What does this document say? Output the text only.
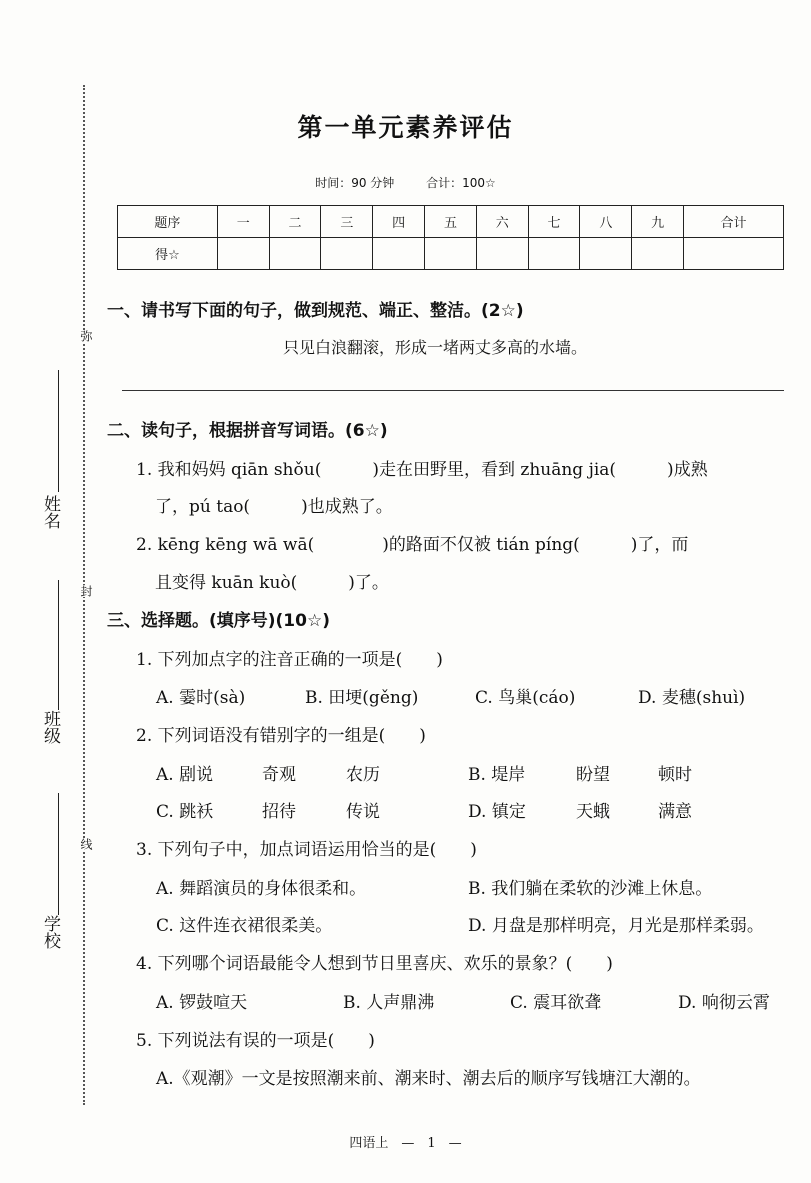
弥
封
线
姓名
班级
学校
第一单元素养评估
时间：90 分钟	合计：100☆
题序	一	二	三	四	五	六	七	八	九	合计
得☆										
一、请书写下面的句子，做到规范、端正、整洁。(2☆)
只见白浪翻滚，形成一堵两丈多高的水墙。
二、读句子，根据拼音写词语。(6☆)
1. 我和妈妈 qiān shǒu(　　　)走在田野里，看到 zhuāng jia(　　　)成熟
了，pú tao(　　　)也成熟了。
2. kēng kēng wā wā(　　　　)的路面不仅被 tián píng(　　　)了，而
且变得 kuān kuò(　　　)了。
三、选择题。(填序号)(10☆)
1. 下列加点字的注音正确的一项是(　　)
A. 霎时(sà)	B. 田埂(gěng)	C. 鸟巢(cáo)	D. 麦穗(shuì)
2. 下列词语没有错别字的一组是(　　)
A. 剧说	奇观	农历	B. 堤岸	盼望	顿时
C. 跳袄	招待	传说	D. 镇定	天蛾	满意
3. 下列句子中，加点词语运用恰当的是(　　)
A. 舞蹈演员的身体很柔和。	B. 我们躺在柔软的沙滩上休息。
C. 这件连衣裙很柔美。	D. 月盘是那样明亮，月光是那样柔弱。
4. 下列哪个词语最能令人想到节日里喜庆、欢乐的景象？(　　)
A. 锣鼓喧天	B. 人声鼎沸	C. 震耳欲聋	D. 响彻云霄
5. 下列说法有误的一项是(　　)
A.《观潮》一文是按照潮来前、潮来时、潮去后的顺序写钱塘江大潮的。
四语上　—　1　—
